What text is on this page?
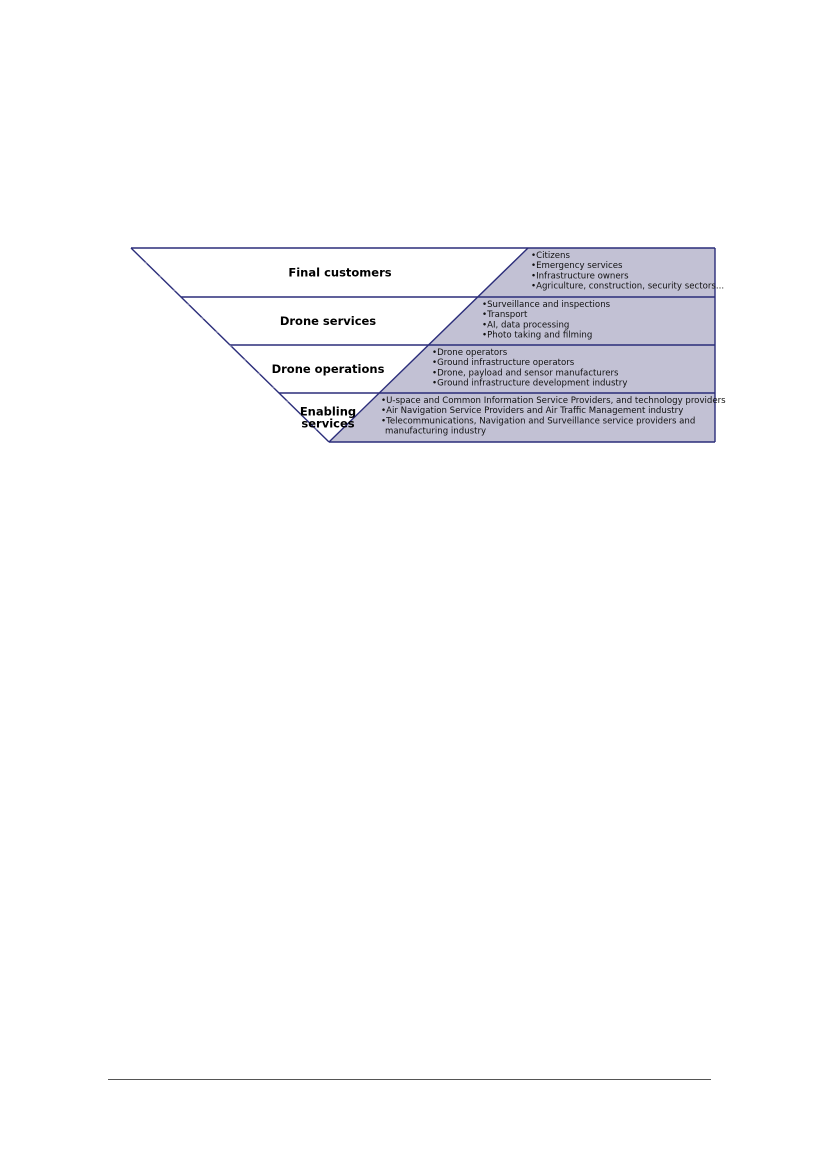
Final customers
•Citizens
•Emergency services
•Infrastructure owners
•Agriculture, construction, security sectors...
Drone services
•Surveillance and inspections
•Transport
•AI, data processing
•Photo taking and filming
Drone operations
•Drone operators
•Ground infrastructure operators
•Drone, payload and sensor manufacturers
•Ground infrastructure development industry
Enabling
services
•U-space and Common Information Service Providers, and technology providers
•Air Navigation Service Providers and Air Traffic Management industry
•Telecommunications, Navigation and Surveillance service providers and
manufacturing industry
